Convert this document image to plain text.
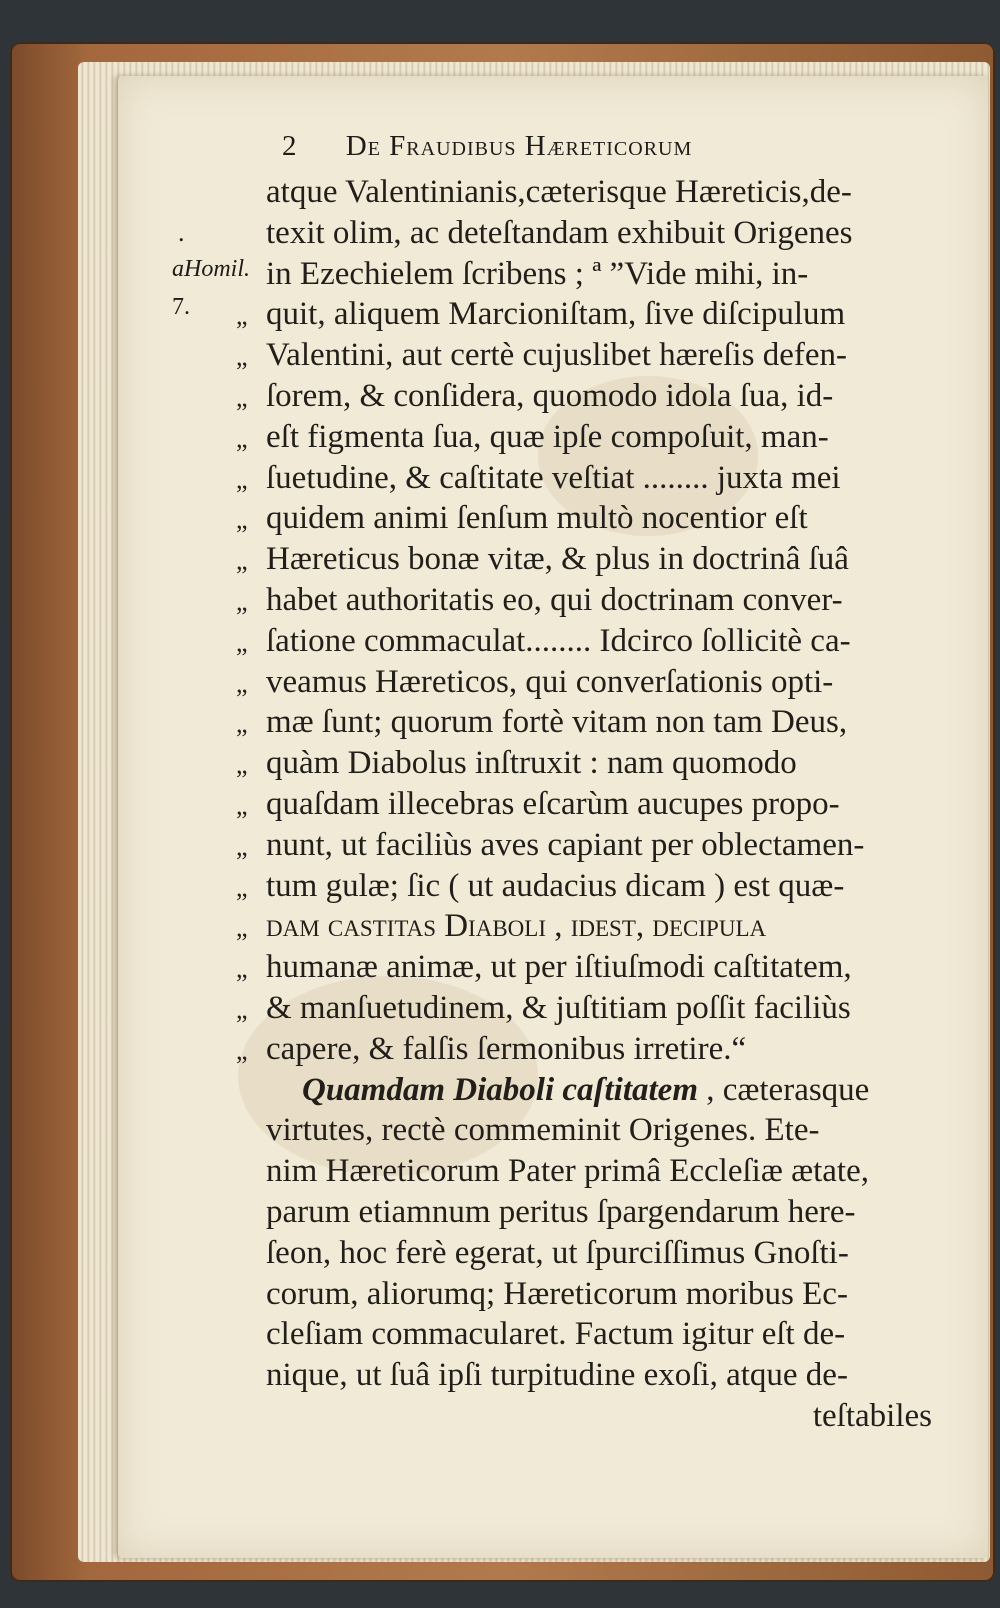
2 De Fraudibus Hæreticorum
.
aHomil.
7.
atque Valentinianis,cæterisque Hæreticis,de-
texit olim, ac deteſtandam exhibuit Origenes
in Ezechielem ſcribens ; ª ”Vide mihi, in-
„ quit, aliquem Marcioniſtam, ſive diſcipulum
„ Valentini, aut certè cujuslibet hæreſis defen-
„ ſorem, & conſidera, quomodo idola ſua, id-
„ eſt figmenta ſua, quæ ipſe compoſuit, man-
„ ſuetudine, & caſtitate veſtiat ........ juxta mei
„ quidem animi ſenſum multò nocentior eſt
„ Hæreticus bonæ vitæ, & plus in doctrinâ ſuâ
„ habet authoritatis eo, qui doctrinam conver-
„ ſatione commaculat........ Idcirco ſollicitè ca-
„ veamus Hæreticos, qui converſationis opti-
„ mæ ſunt; quorum fortè vitam non tam Deus,
„ quàm Diabolus inſtruxit : nam quomodo
„ quaſdam illecebras eſcarùm aucupes propo-
„ nunt, ut faciliùs aves capiant per oblectamen-
„ tum gulæ; ſic ( ut audacius dicam ) est quæ-
„ dam castitas Diaboli , ideſt, decipula
„ humanæ animæ, ut per iſtiuſmodi caſtitatem,
„ & manſuetudinem, & juſtitiam poſſit faciliùs
„ capere, & falſis ſermonibus irretire.“
Quamdam Diaboli caſtitatem , cæterasque
virtutes, rectè commeminit Origenes. Ete-
nim Hæreticorum Pater primâ Eccleſiæ ætate,
parum etiamnum peritus ſpargendarum here-
ſeon, hoc ferè egerat, ut ſpurciſſimus Gnoſti-
corum, aliorumq; Hæreticorum moribus Ec-
cleſiam commacularet. Factum igitur eſt de-
nique, ut ſuâ ipſi turpitudine exoſi, atque de-
teſtabiles
